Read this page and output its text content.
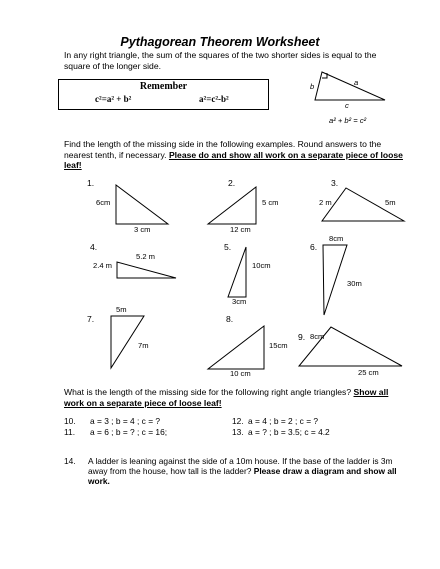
Pythagorean Theorem Worksheet
In any right triangle, the sum of the squares of the two shorter sides is equal to the square of the longer side.
Remember
c²=a² + b²	a²=c²-b²
b	a
c
a² + b² = c²
Find the length of the missing side in the following examples. Round answers to the nearest tenth, if necessary. Please do and show all work on a separate piece of loose leaf!
1.
6cm
3 cm
2.
5 cm
12 cm
3.
2 m	5m
4.
2.4 m
5.2 m
5.
10cm
3cm
6.
8cm
30m
7.
5m
7m
8.
15cm
10 cm
9. 8cm
25 cm
What is the length of the missing side for the following right angle triangles? Show all work on a separate piece of loose leaf!
10. a = 3 ; b = 4 ; c = ?
11. a = 6 ; b = ? ; c = 16;
12. a = 4 ; b = 2 ; c = ?
13. a = ? ; b = 3.5; c = 4.2
14. A ladder is leaning against the side of a 10m house. If the base of the ladder is 3m away from the house, how tall is the ladder? Please draw a diagram and show all work.
